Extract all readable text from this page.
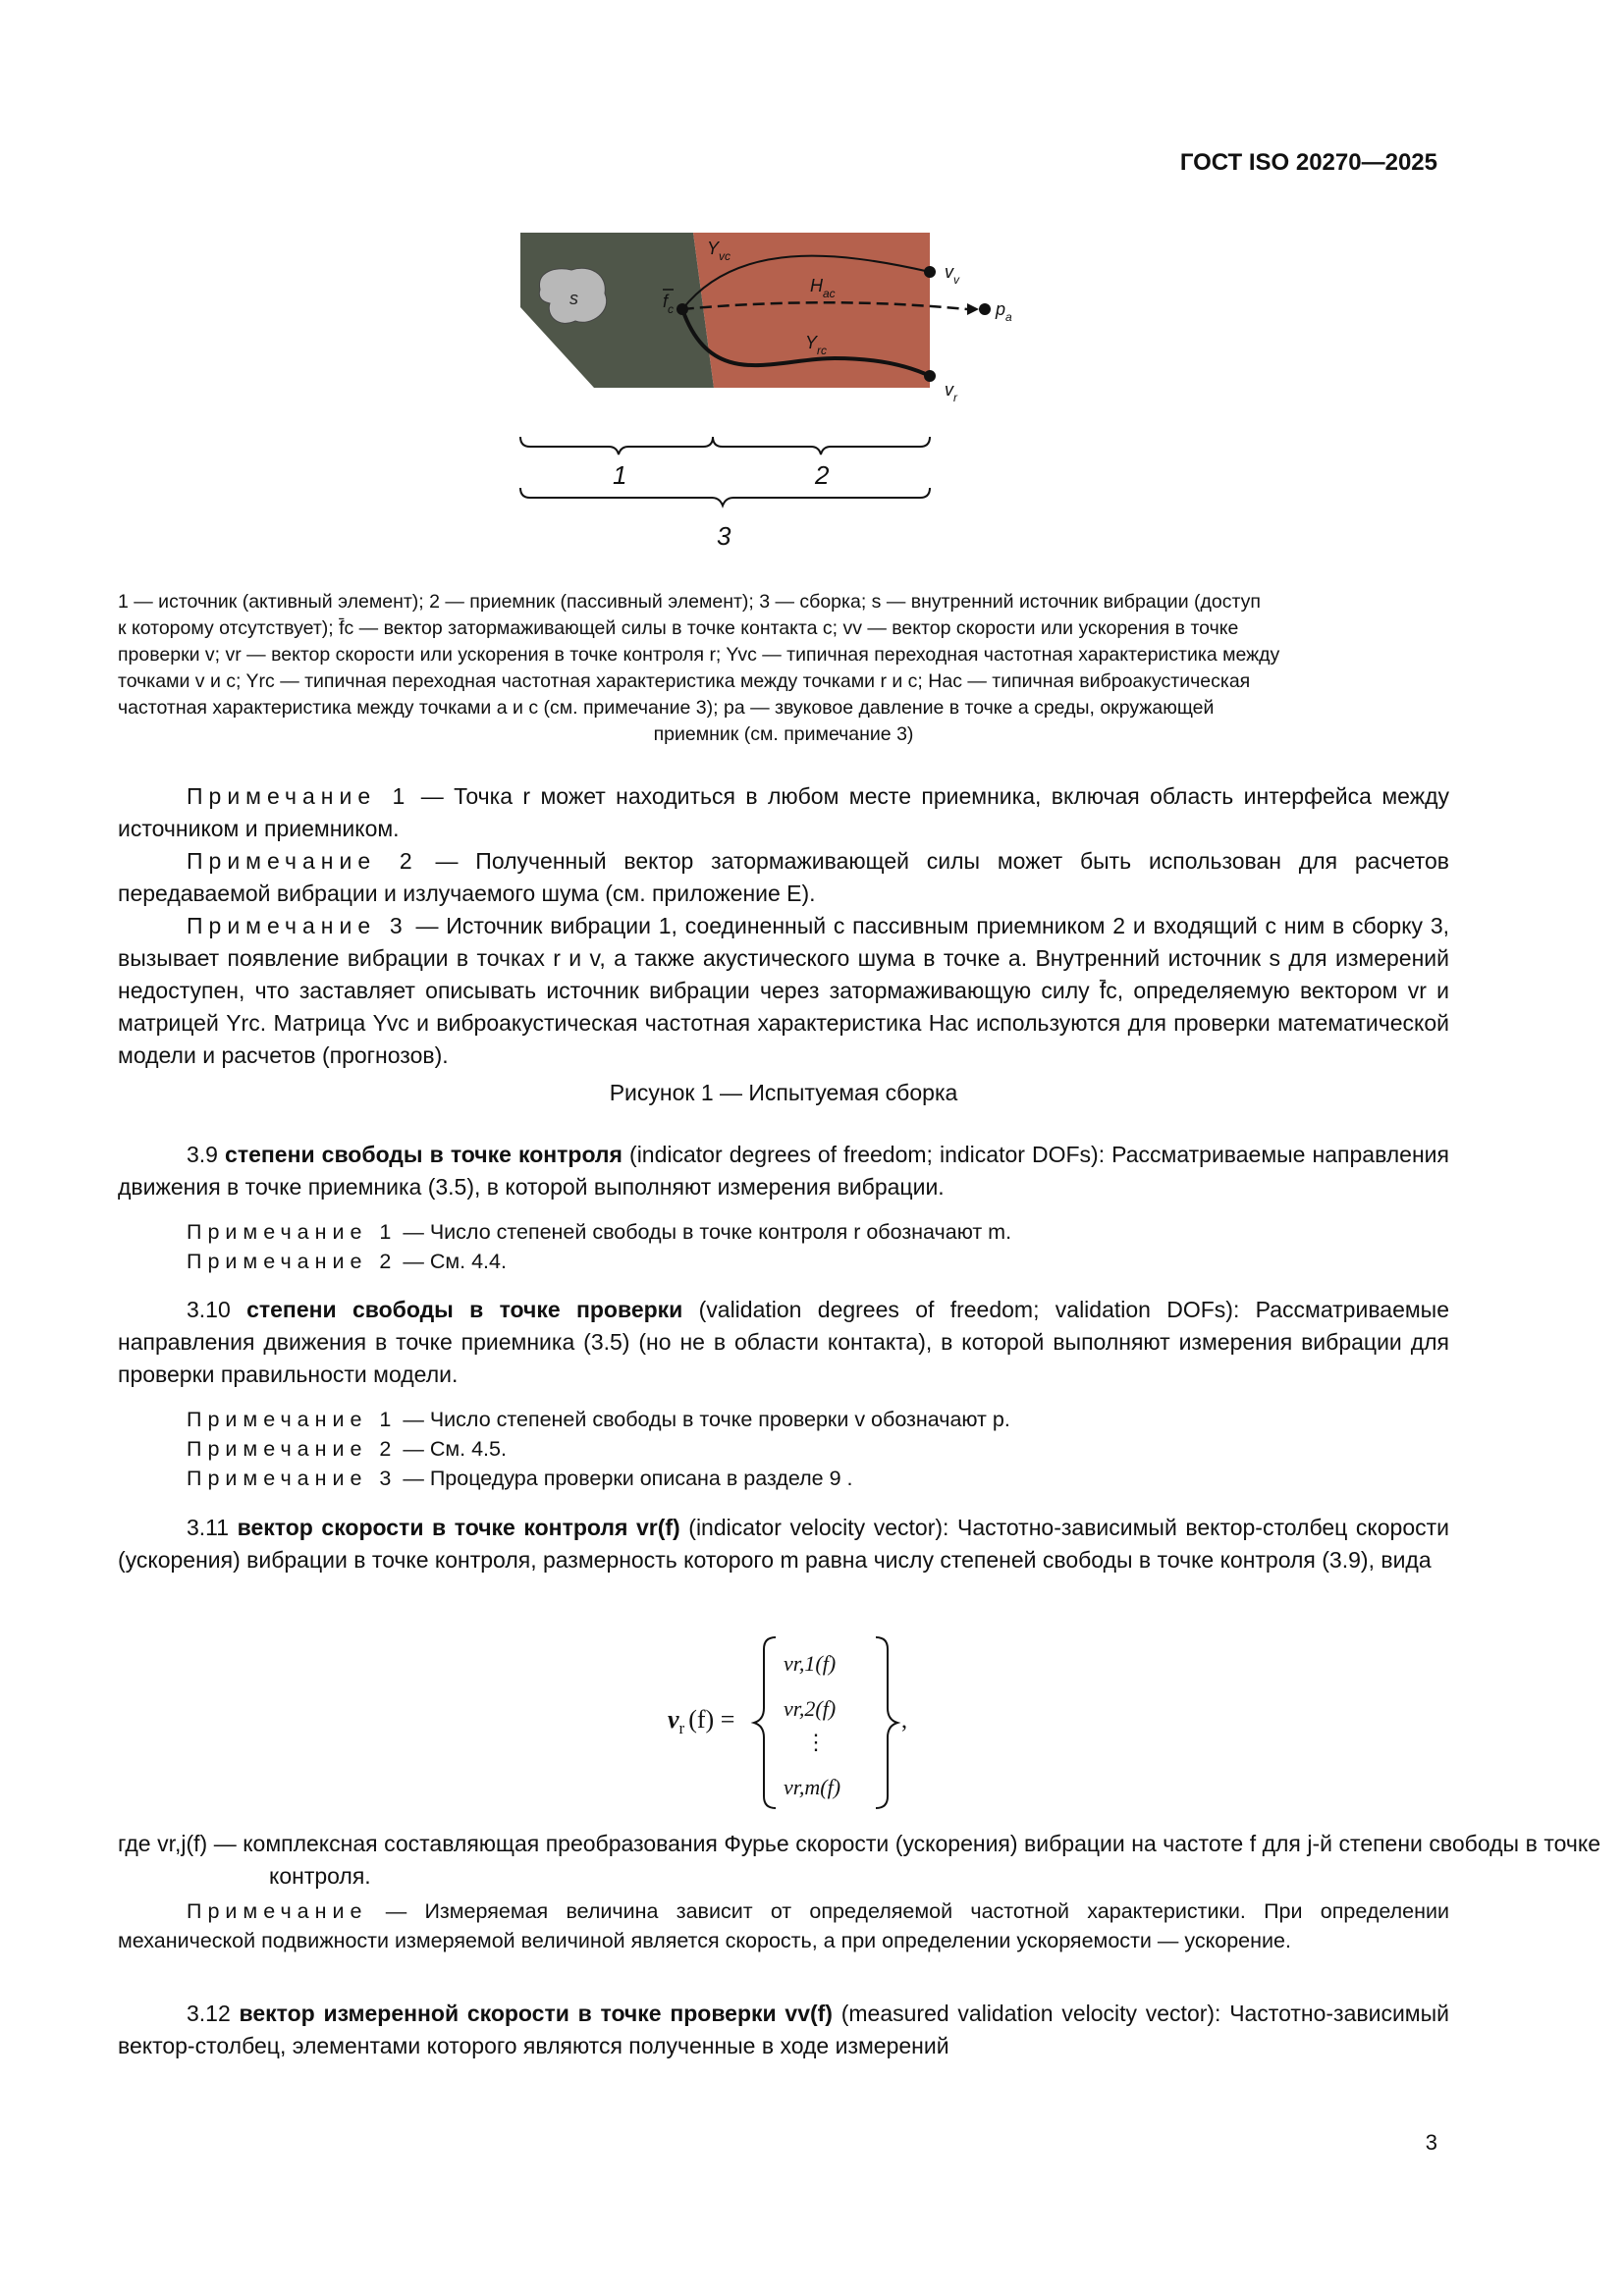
ГОСТ ISO 20270—2025
s	$f_c$
$Y_{vc}$
$H_{ac}$
$Y_{rc}$
$v_v$
$p_a$
$v_r$
1	2
3
1 — источник (активный элемент); 2 — приемник (пассивный элемент); 3 — сборка; s — внутренний источник вибрации (доступ
к которому отсутствует); f̄c — вектор затормаживающей силы в точке контакта c; vv — вектор скорости или ускорения в точке
проверки v; vr — вектор скорости или ускорения в точке контроля r; Yvc — типичная переходная частотная характеристика между
точками v и c; Yrc — типичная переходная частотная характеристика между точками r и c; Hac — типичная виброакустическая
частотная характеристика между точками a и c (см. примечание 3); pa — звуковое давление в точке a среды, окружающей
приемник (см. примечание 3)
Примечание 1 — Точка r может находиться в любом месте приемника, включая область интерфейса между источником и приемником.
Примечание 2 — Полученный вектор затормаживающей силы может быть использован для расчетов передаваемой вибрации и излучаемого шума (см. приложение E).
Примечание 3 — Источник вибрации 1, соединенный с пассивным приемником 2 и входящий с ним в сборку 3, вызывает появление вибрации в точках r и v, а также акустического шума в точке a. Внутренний источник s для измерений недоступен, что заставляет описывать источник вибрации через затормаживающую силу f̄c, определяемую вектором vr и матрицей Yrc. Матрица Yvc и виброакустическая частотная характеристика Hac используются для проверки математической модели и расчетов (прогнозов).
Рисунок 1 — Испытуемая сборка
3.9 степени свободы в точке контроля (indicator degrees of freedom; indicator DOFs): Рассматриваемые направления движения в точке приемника (3.5), в которой выполняют измерения вибрации.
Примечание 1 — Число степеней свободы в точке контроля r обозначают m.
Примечание 2 — См. 4.4.
3.10 степени свободы в точке проверки (validation degrees of freedom; validation DOFs): Рассматриваемые направления движения в точке приемника (3.5) (но не в области контакта), в которой выполняют измерения вибрации для проверки правильности модели.
Примечание 1 — Число степеней свободы в точке проверки v обозначают p.
Примечание 2 — См. 4.5.
Примечание 3 — Процедура проверки описана в разделе 9 .
3.11 вектор скорости в точке контроля vr(f) (indicator velocity vector): Частотно-зависимый вектор-столбец скорости (ускорения) вибрации в точке контроля, размерность которого m равна числу степеней свободы в точке контроля (3.9), вида
$v_r$ (f) =
vr,1(f)
vr,2(f)
⋮
vr,m(f)
,
где vr,j(f) — комплексная составляющая преобразования Фурье скорости (ускорения) вибрации на частоте f для j-й степени свободы в точке контроля.
Примечание — Измеряемая величина зависит от определяемой частотной характеристики. При определении механической подвижности измеряемой величиной является скорость, а при определении ускоряемости — ускорение.
3.12 вектор измеренной скорости в точке проверки vv(f) (measured validation velocity vector): Частотно-зависимый вектор-столбец, элементами которого являются полученные в ходе измерений
3
